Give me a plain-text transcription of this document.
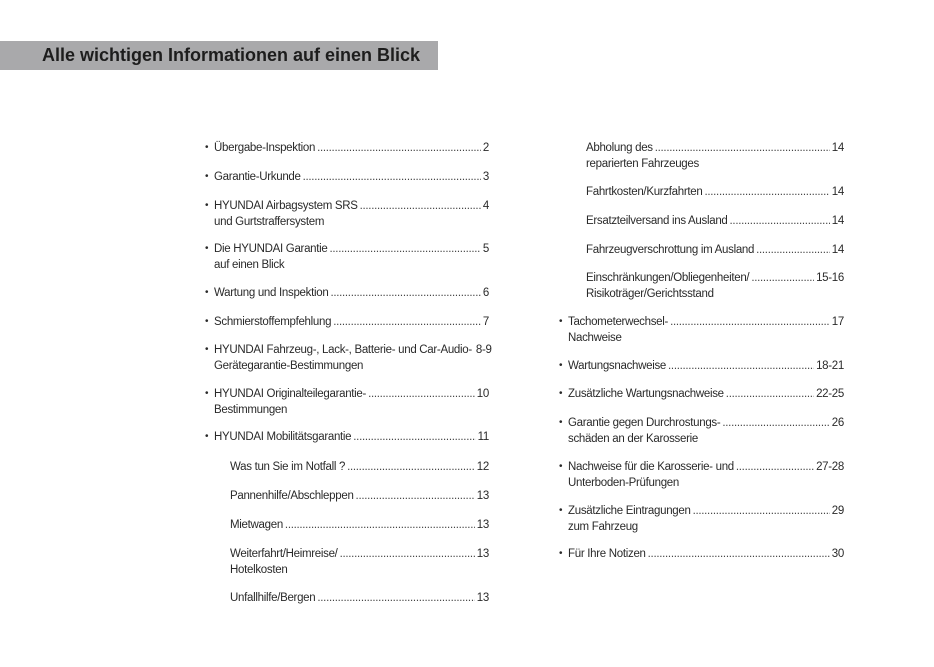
Alle wichtigen Informationen auf einen Blick
• Übergabe-Inspektion .....	2
• Garantie-Urkunde .....	3
• HYUNDAI Airbagsystem SRS .....	4
und Gurtstraffersystem
• Die HYUNDAI Garantie .....	5
auf einen Blick
• Wartung und Inspektion .....	6
• Schmierstoffempfehlung .....	7
• HYUNDAI Fahrzeug-, Lack-, Batterie- und Car-Audio- 8-9
Gerätegarantie-Bestimmungen
• HYUNDAI Originalteilegarantie- .....	10
Bestimmungen
• HYUNDAI Mobilitätsgarantie .....	11
Was tun Sie im Notfall ? .....	12
Pannenhilfe/Abschleppen .....	13
Mietwagen .....	13
Weiterfahrt/Heimreise/ .....	13
Hotelkosten
Unfallhilfe/Bergen .....	13
Abholung des .....	14
reparierten Fahrzeuges
Fahrtkosten/Kurzfahrten .....	14
Ersatzteilversand ins Ausland .....	14
Fahrzeugverschrottung im Ausland .....	14
Einschränkungen/Obliegenheiten/ .....	15-16
Risikoträger/Gerichtsstand
• Tachometerwechsel- .....	17
Nachweise
• Wartungsnachweise .....	18-21
• Zusätzliche Wartungsnachweise .....	22-25
• Garantie gegen Durchrostungs- .....	26
schäden an der Karosserie
• Nachweise für die Karosserie- und .....	27-28
Unterboden-Prüfungen
• Zusätzliche Eintragungen .....	29
zum Fahrzeug
• Für Ihre Notizen .....	30
